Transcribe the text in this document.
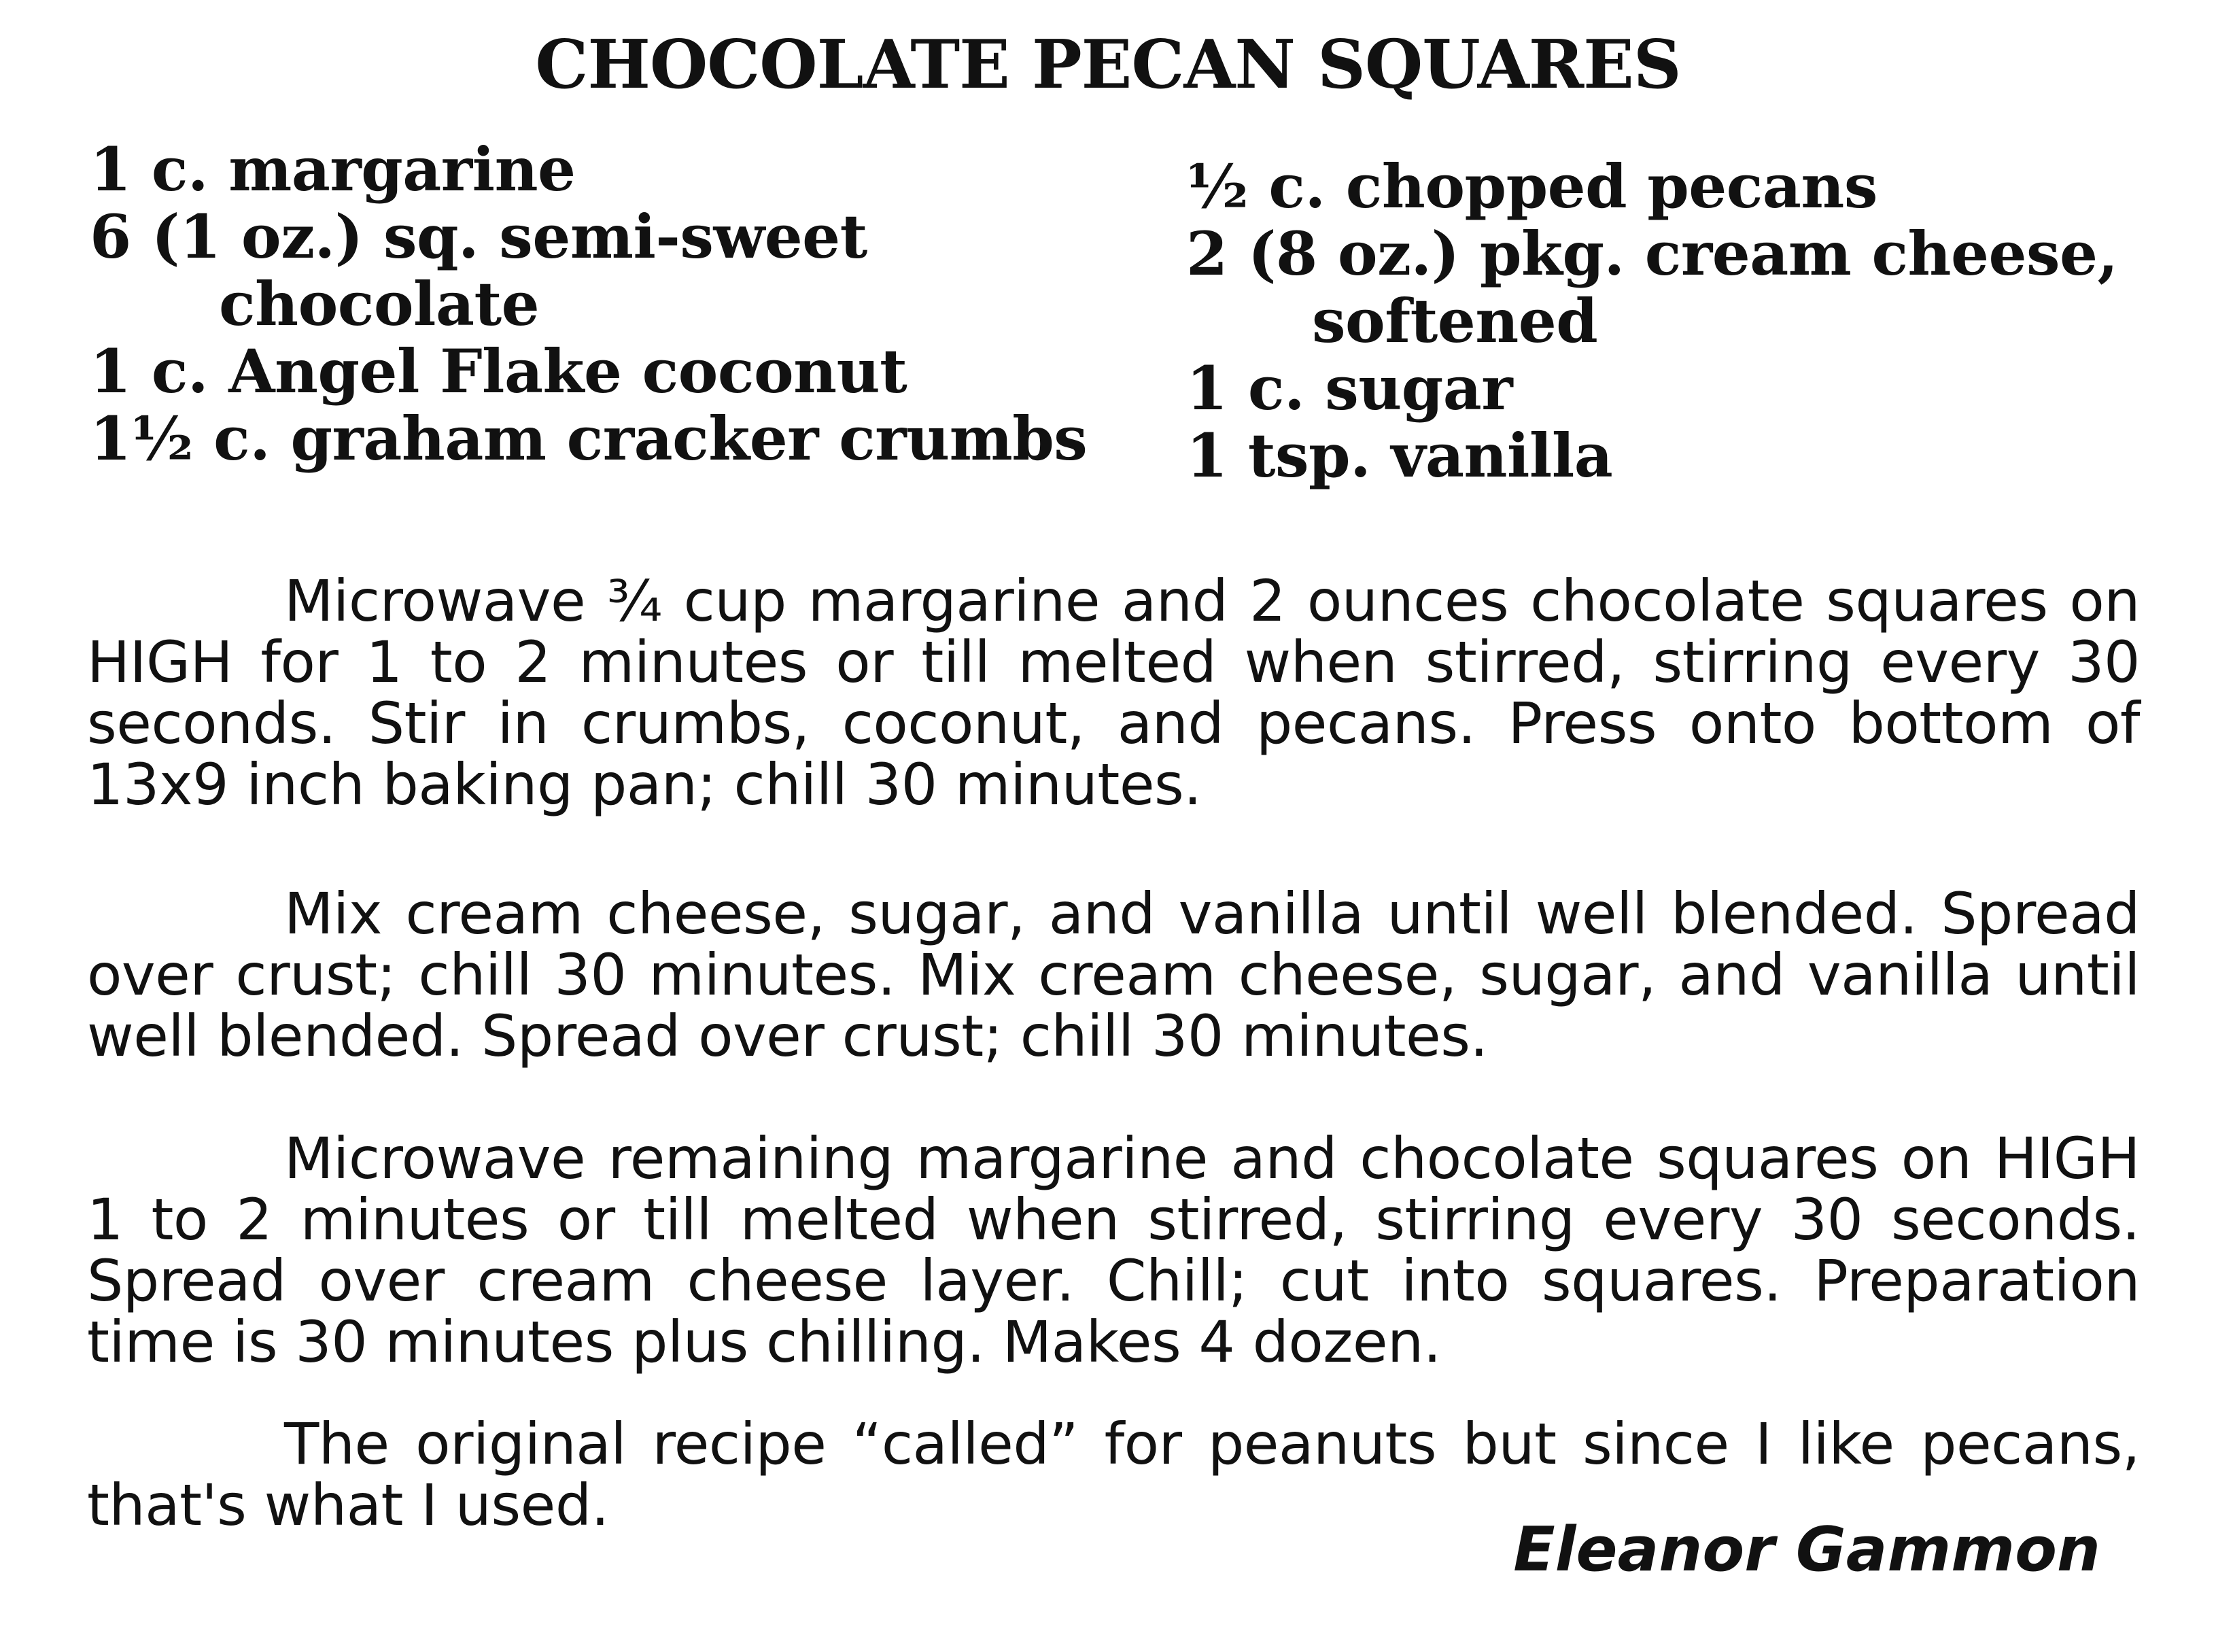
CHOCOLATE PECAN SQUARES
1 c. margarine
6 (1 oz.) sq. semi-sweet
chocolate
1 c. Angel Flake coconut
1½ c. graham cracker crumbs
½ c. chopped pecans
2 (8 oz.) pkg. cream cheese,
softened
1 c. sugar
1 tsp. vanilla

Microwave ¾ cup margarine and 2 ounces chocolate squares on HIGH for 1 to 2 minutes or till melted when stirred, stirring every 30 seconds. Stir in crumbs, coconut, and pecans. Press onto bottom of 13x9 inch baking pan; chill 30 minutes.

Mix cream cheese, sugar, and vanilla until well blended. Spread over crust; chill 30 minutes. Mix cream cheese, sugar, and vanilla until well blended. Spread over crust; chill 30 minutes.

Microwave remaining margarine and chocolate squares on HIGH 1 to 2 minutes or till melted when stirred, stirring every 30 seconds. Spread over cream cheese layer. Chill; cut into squares. Preparation time is 30 minutes plus chilling. Makes 4 dozen.

The original recipe “called” for peanuts but since I like pecans, that's what I used.

Eleanor Gammon
